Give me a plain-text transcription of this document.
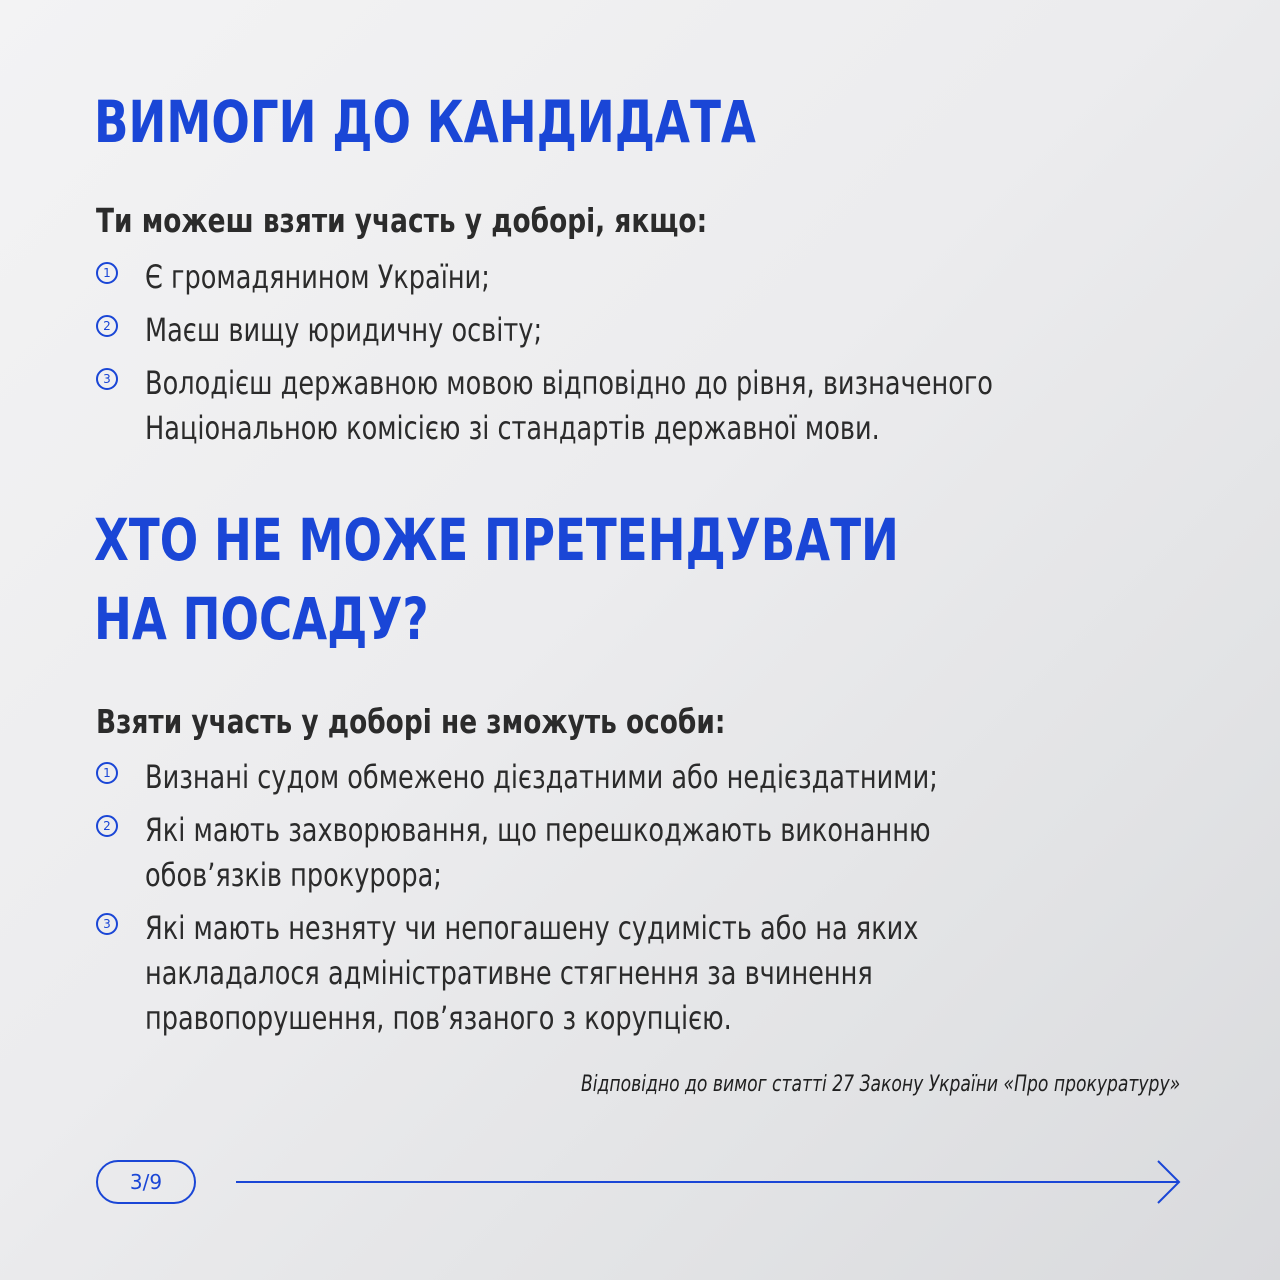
ВИМОГИ ДО КАНДИДАТА

Ти можеш взяти участь у доборі, якщо:

1 Є громадянином України;
2 Маєш вищу юридичну освіту;
3 Володієш державною мовою відповідно до рівня, визначеного
Національною комісією зі стандартів державної мови.
ХТО НЕ МОЖЕ ПРЕТЕНДУВАТИ
НА ПОСАДУ?

Взяти участь у доборі не зможуть особи:

1 Визнані судом обмежено дієздатними або недієздатними;
2 Які мають захворювання, що перешкоджають виконанню
обов’язків прокурора;
3 Які мають незняту чи непогашену судимість або на яких
накладалося адміністративне стягнення за вчинення
правопорушення, пов’язаного з корупцією.
Відповідно до вимог статті 27 Закону України «Про прокуратуру»
3/9
